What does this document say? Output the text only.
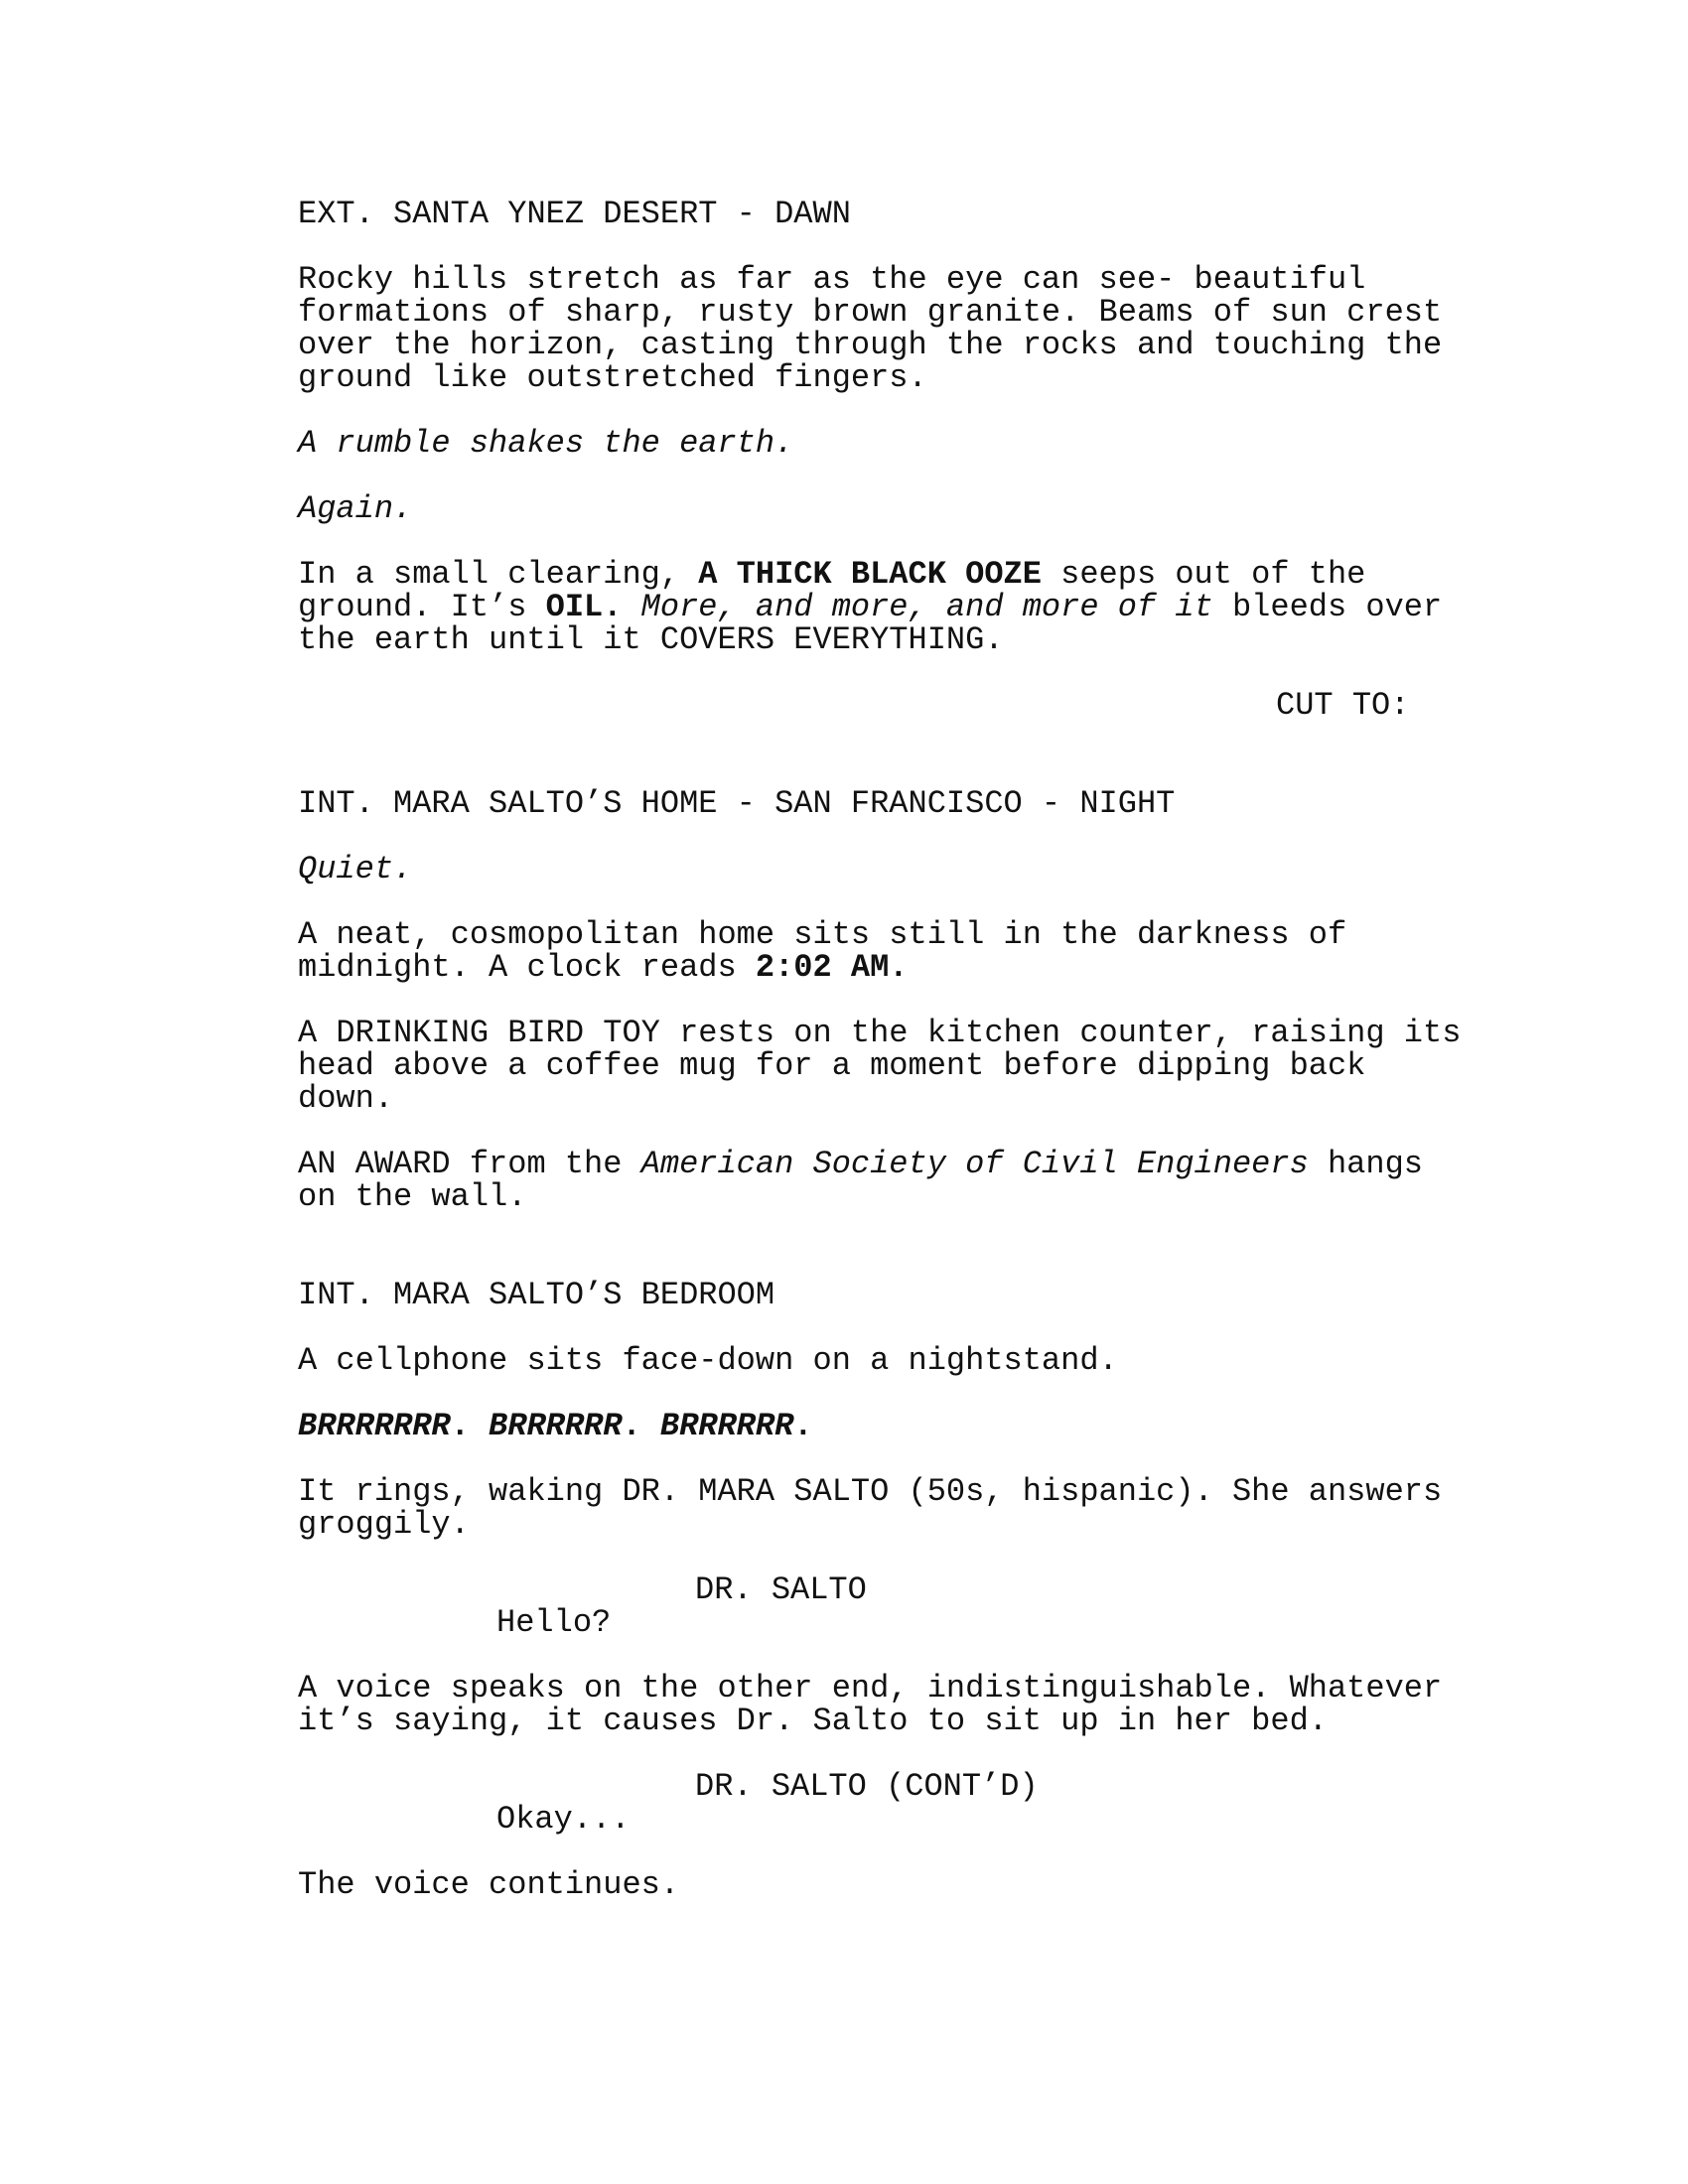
EXT. SANTA YNEZ DESERT - DAWN
Rocky hills stretch as far as the eye can see- beautiful
formations of sharp, rusty brown granite. Beams of sun crest
over the horizon, casting through the rocks and touching the
ground like outstretched fingers.
A rumble shakes the earth.
Again.
In a small clearing, A THICK BLACK OOZE seeps out of the
ground. It’s OIL. More, and more, and more of it bleeds over
the earth until it COVERS EVERYTHING.
CUT TO:
INT. MARA SALTO’S HOME - SAN FRANCISCO - NIGHT
Quiet.
A neat, cosmopolitan home sits still in the darkness of
midnight. A clock reads 2:02 AM.
A DRINKING BIRD TOY rests on the kitchen counter, raising its
head above a coffee mug for a moment before dipping back
down.
AN AWARD from the American Society of Civil Engineers hangs
on the wall.
INT. MARA SALTO’S BEDROOM
A cellphone sits face-down on a nightstand.
BRRRRRRR. BRRRRRR. BRRRRRR.
It rings, waking DR. MARA SALTO (50s, hispanic). She answers
groggily.
DR. SALTO
Hello?
A voice speaks on the other end, indistinguishable. Whatever
it’s saying, it causes Dr. Salto to sit up in her bed.
DR. SALTO (CONT’D)
Okay...
The voice continues.
